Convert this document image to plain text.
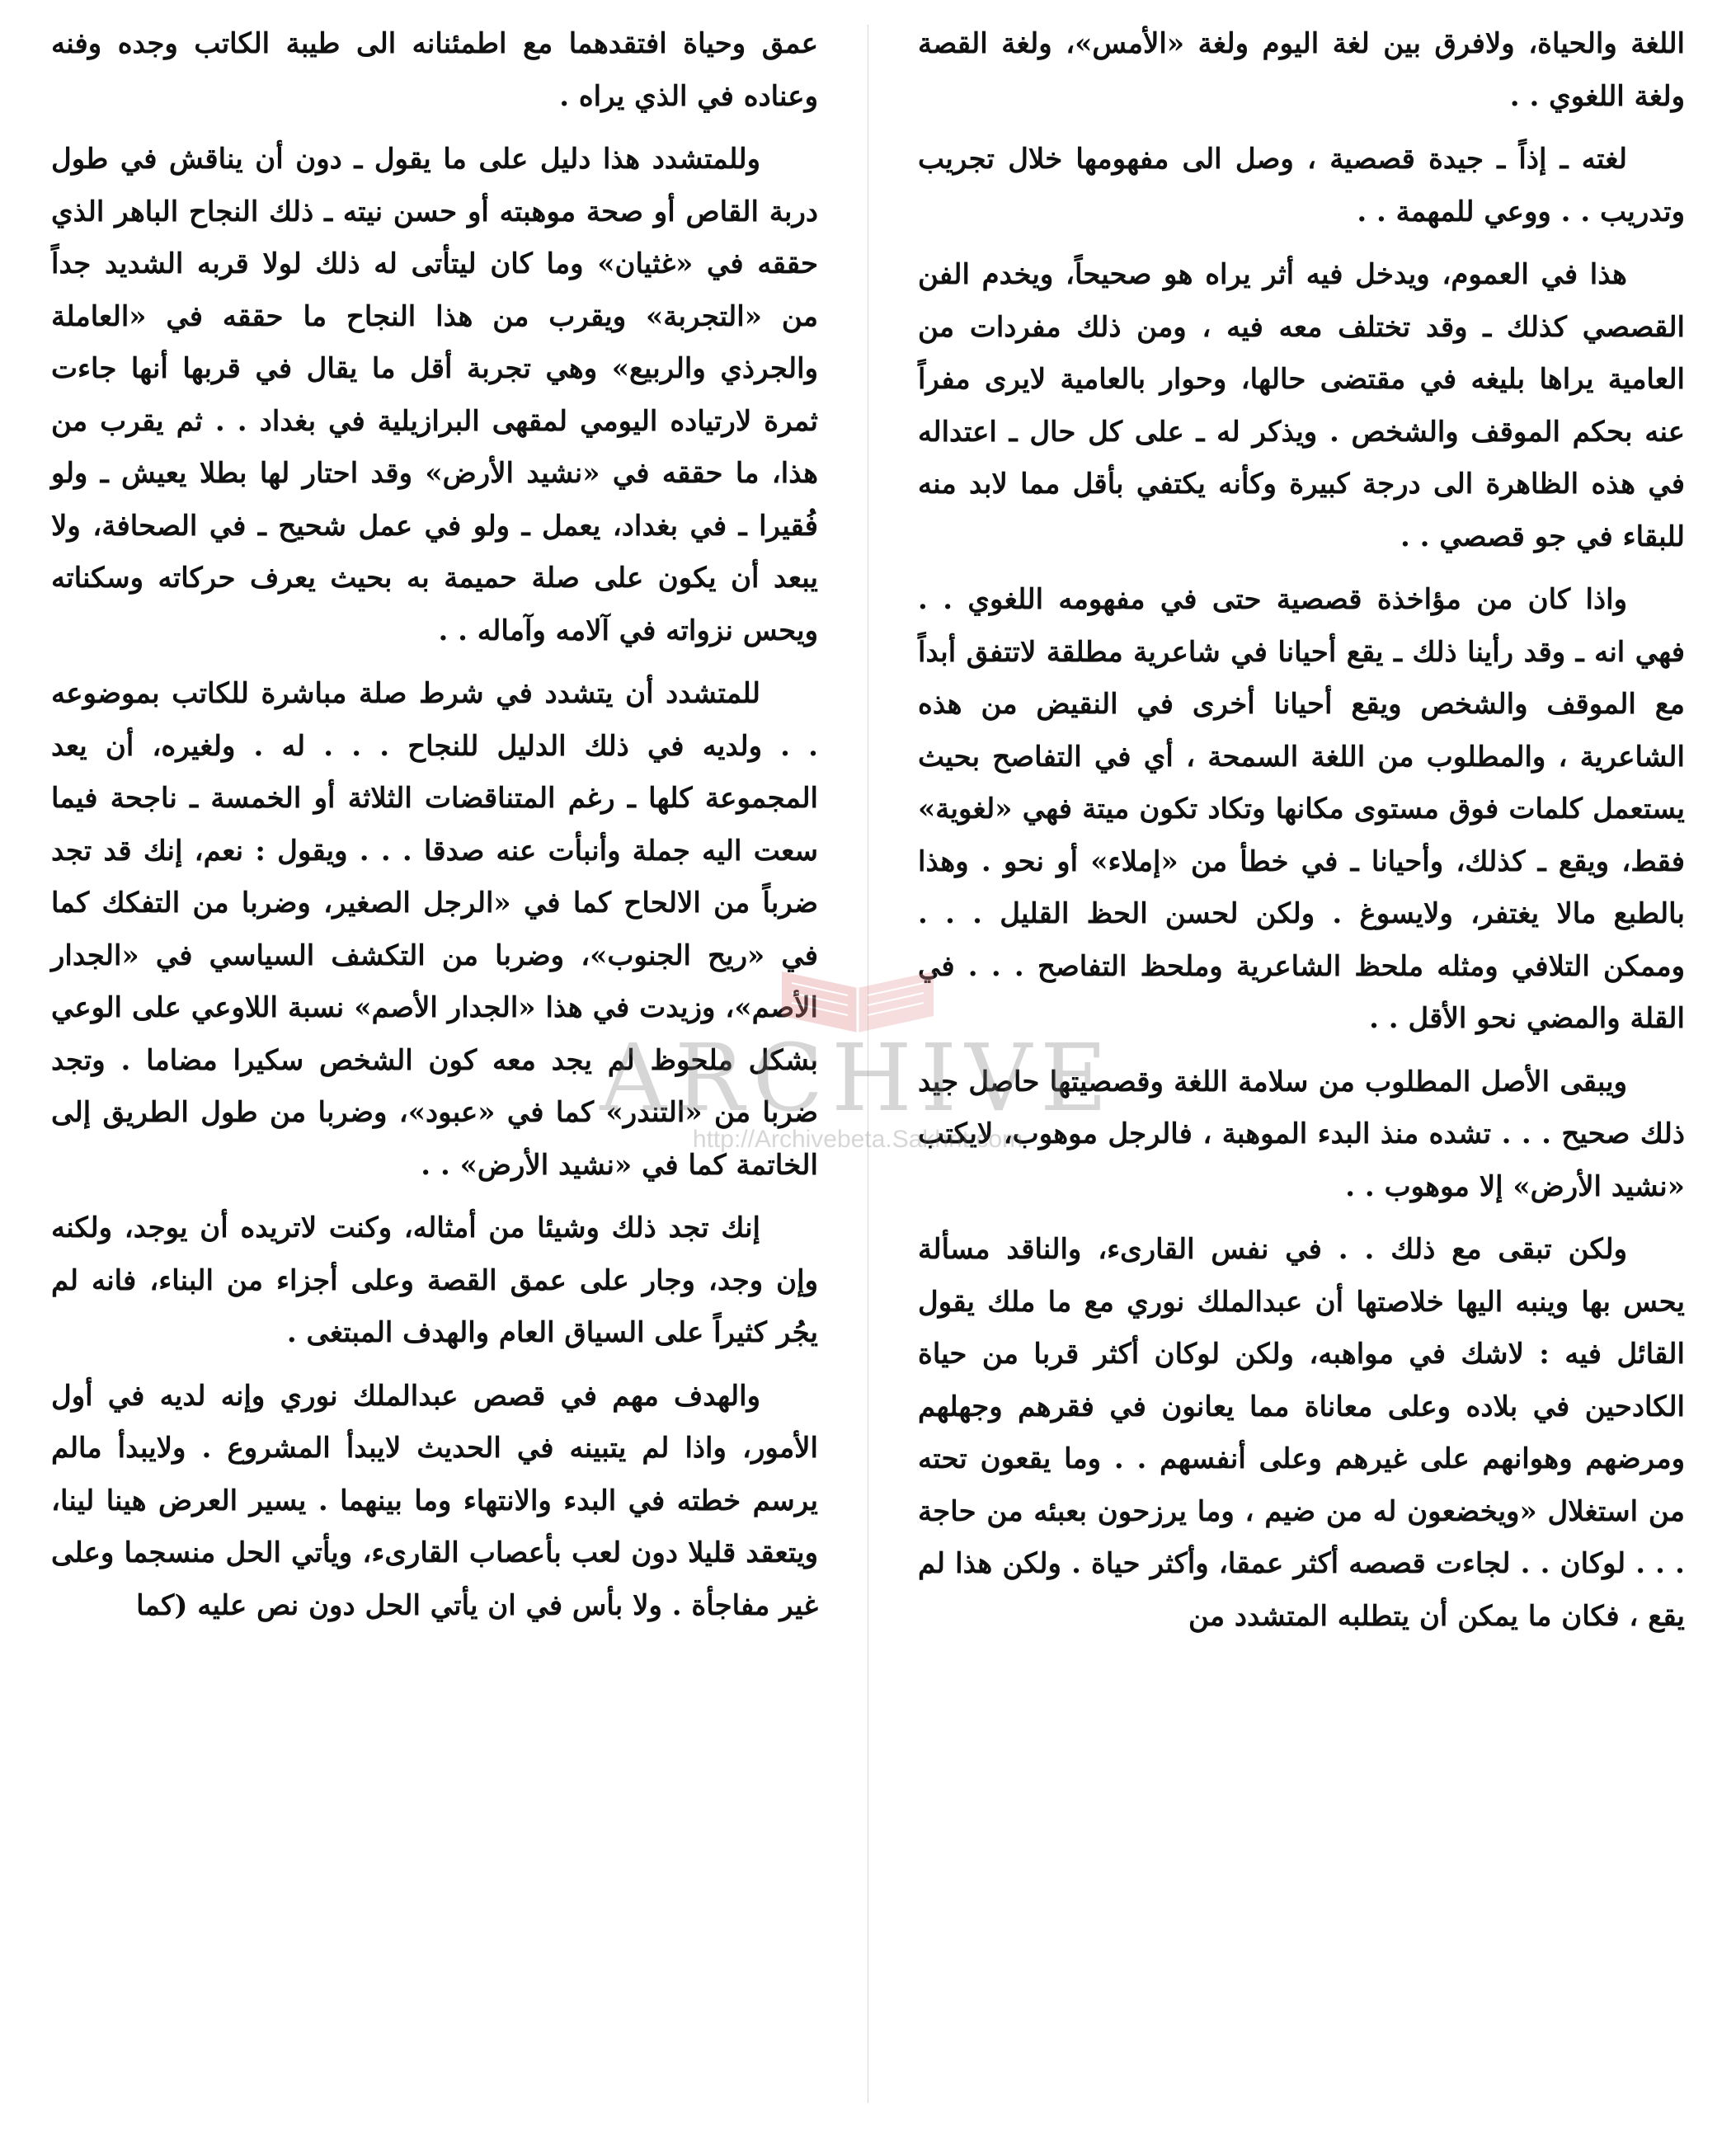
اللغة والحياة، ولافرق بين لغة اليوم ولغة «الأمس»، ولغة القصة ولغة اللغوي . .

لغته ـ إذاً ـ جيدة قصصية ، وصل الى مفهومها خلال تجريب وتدريب . . ووعي للمهمة . .

هذا في العموم، ويدخل فيه أثر يراه هو صحيحاً، ويخدم الفن القصصي كذلك ـ وقد تختلف معه فيه ، ومن ذلك مفردات من العامية يراها بليغه في مقتضى حالها، وحوار بالعامية لايرى مفراً عنه بحكم الموقف والشخص . ويذكر له ـ على كل حال ـ اعتداله في هذه الظاهرة الى درجة كبيرة وكأنه يكتفي بأقل مما لابد منه للبقاء في جو قصصي . .

واذا كان من مؤاخذة قصصية حتى في مفهومه اللغوي . . فهي انه ـ وقد رأينا ذلك ـ يقع أحيانا في شاعرية مطلقة لاتتفق أبداً مع الموقف والشخص ويقع أحيانا أخرى في النقيض من هذه الشاعرية ، والمطلوب من اللغة السمحة ، أي في التفاصح بحيث يستعمل كلمات فوق مستوى مكانها وتكاد تكون ميتة فهي «لغوية» فقط، ويقع ـ كذلك، وأحيانا ـ في خطأ من «إملاء» أو نحو . وهذا بالطبع مالا يغتفر، ولايسوغ . ولكن لحسن الحظ القليل . . . وممكن التلافي ومثله ملحظ الشاعرية وملحظ التفاصح . . . في القلة والمضي نحو الأقل . .

ويبقى الأصل المطلوب من سلامة اللغة وقصصيتها حاصل جيد ذلك صحيح . . . تشده منذ البدء الموهبة ، فالرجل موهوب، لايكتب «نشيد الأرض» إلا موهوب . .

ولكن تبقى مع ذلك . . في نفس القارىء، والناقد مسألة يحس بها وينبه اليها خلاصتها أن عبدالملك نوري مع ما ملك يقول القائل فيه : لاشك في مواهبه، ولكن لوكان أكثر قربا من حياة الكادحين في بلاده وعلى معاناة مما يعانون في فقرهم وجهلهم ومرضهم وهوانهم على غيرهم وعلى أنفسهم . . وما يقعون تحته من استغلال «ويخضعون له من ضيم ، وما يرزحون بعبئه من حاجة . . . لوكان . . لجاءت قصصه أكثر عمقا، وأكثر حياة . ولكن هذا لم يقع ، فكان ما يمكن أن يتطلبه المتشدد من

عمق وحياة افتقدهما مع اطمئنانه الى طيبة الكاتب وجده وفنه وعناده في الذي يراه .

وللمتشدد هذا دليل على ما يقول ـ دون أن يناقش في طول دربة القاص أو صحة موهبته أو حسن نيته ـ ذلك النجاح الباهر الذي حققه في «غثيان» وما كان ليتأتى له ذلك لولا قربه الشديد جداً من «التجربة» ويقرب من هذا النجاح ما حققه في «العاملة والجرذي والربيع» وهي تجربة أقل ما يقال في قربها أنها جاءت ثمرة لارتياده اليومي لمقهى البرازيلية في بغداد . . ثم يقرب من هذا، ما حققه في «نشيد الأرض» وقد احتار لها بطلا يعيش ـ ولو فُقيرا ـ في بغداد، يعمل ـ ولو في عمل شحيح ـ في الصحافة، ولا يبعد أن يكون على صلة حميمة به بحيث يعرف حركاته وسكناته ويحس نزواته في آلامه وآماله . .

للمتشدد أن يتشدد في شرط صلة مباشرة للكاتب بموضوعه . . ولديه في ذلك الدليل للنجاح . . . له . ولغيره، أن يعد المجموعة كلها ـ رغم المتناقضات الثلاثة أو الخمسة ـ ناجحة فيما سعت اليه جملة وأنبأت عنه صدقا . . . ويقول : نعم، إنك قد تجد ضرباً من الالحاح كما في «الرجل الصغير، وضربا من التفكك كما في «ريح الجنوب»، وضربا من التكشف السياسي في «الجدار الأصم»، وزيدت في هذا «الجدار الأصم» نسبة اللاوعي على الوعي بشكل ملحوظ لم يجد معه كون الشخص سكيرا مضاما . وتجد ضربا من «التندر» كما في «عبود»، وضربا من طول الطريق إلى الخاتمة كما في «نشيد الأرض» . .

إنك تجد ذلك وشيئا من أمثاله، وكنت لاتريده أن يوجد، ولكنه وإن وجد، وجار على عمق القصة وعلى أجزاء من البناء، فانه لم يجُر كثيراً على السياق العام والهدف المبتغى .

والهدف مهم في قصص عبدالملك نوري وإنه لديه في أول الأمور، واذا لم يتبينه في الحديث لايبدأ المشروع . ولايبدأ مالم يرسم خطته في البدء والانتهاء وما بينهما . يسير العرض هينا لينا، ويتعقد قليلا دون لعب بأعصاب القارىء، ويأتي الحل منسجما وعلى غير مفاجأة . ولا بأس في ان يأتي الحل دون نص عليه (كما

ARCHIVE
http://Archivebeta.Sakhrit.com
